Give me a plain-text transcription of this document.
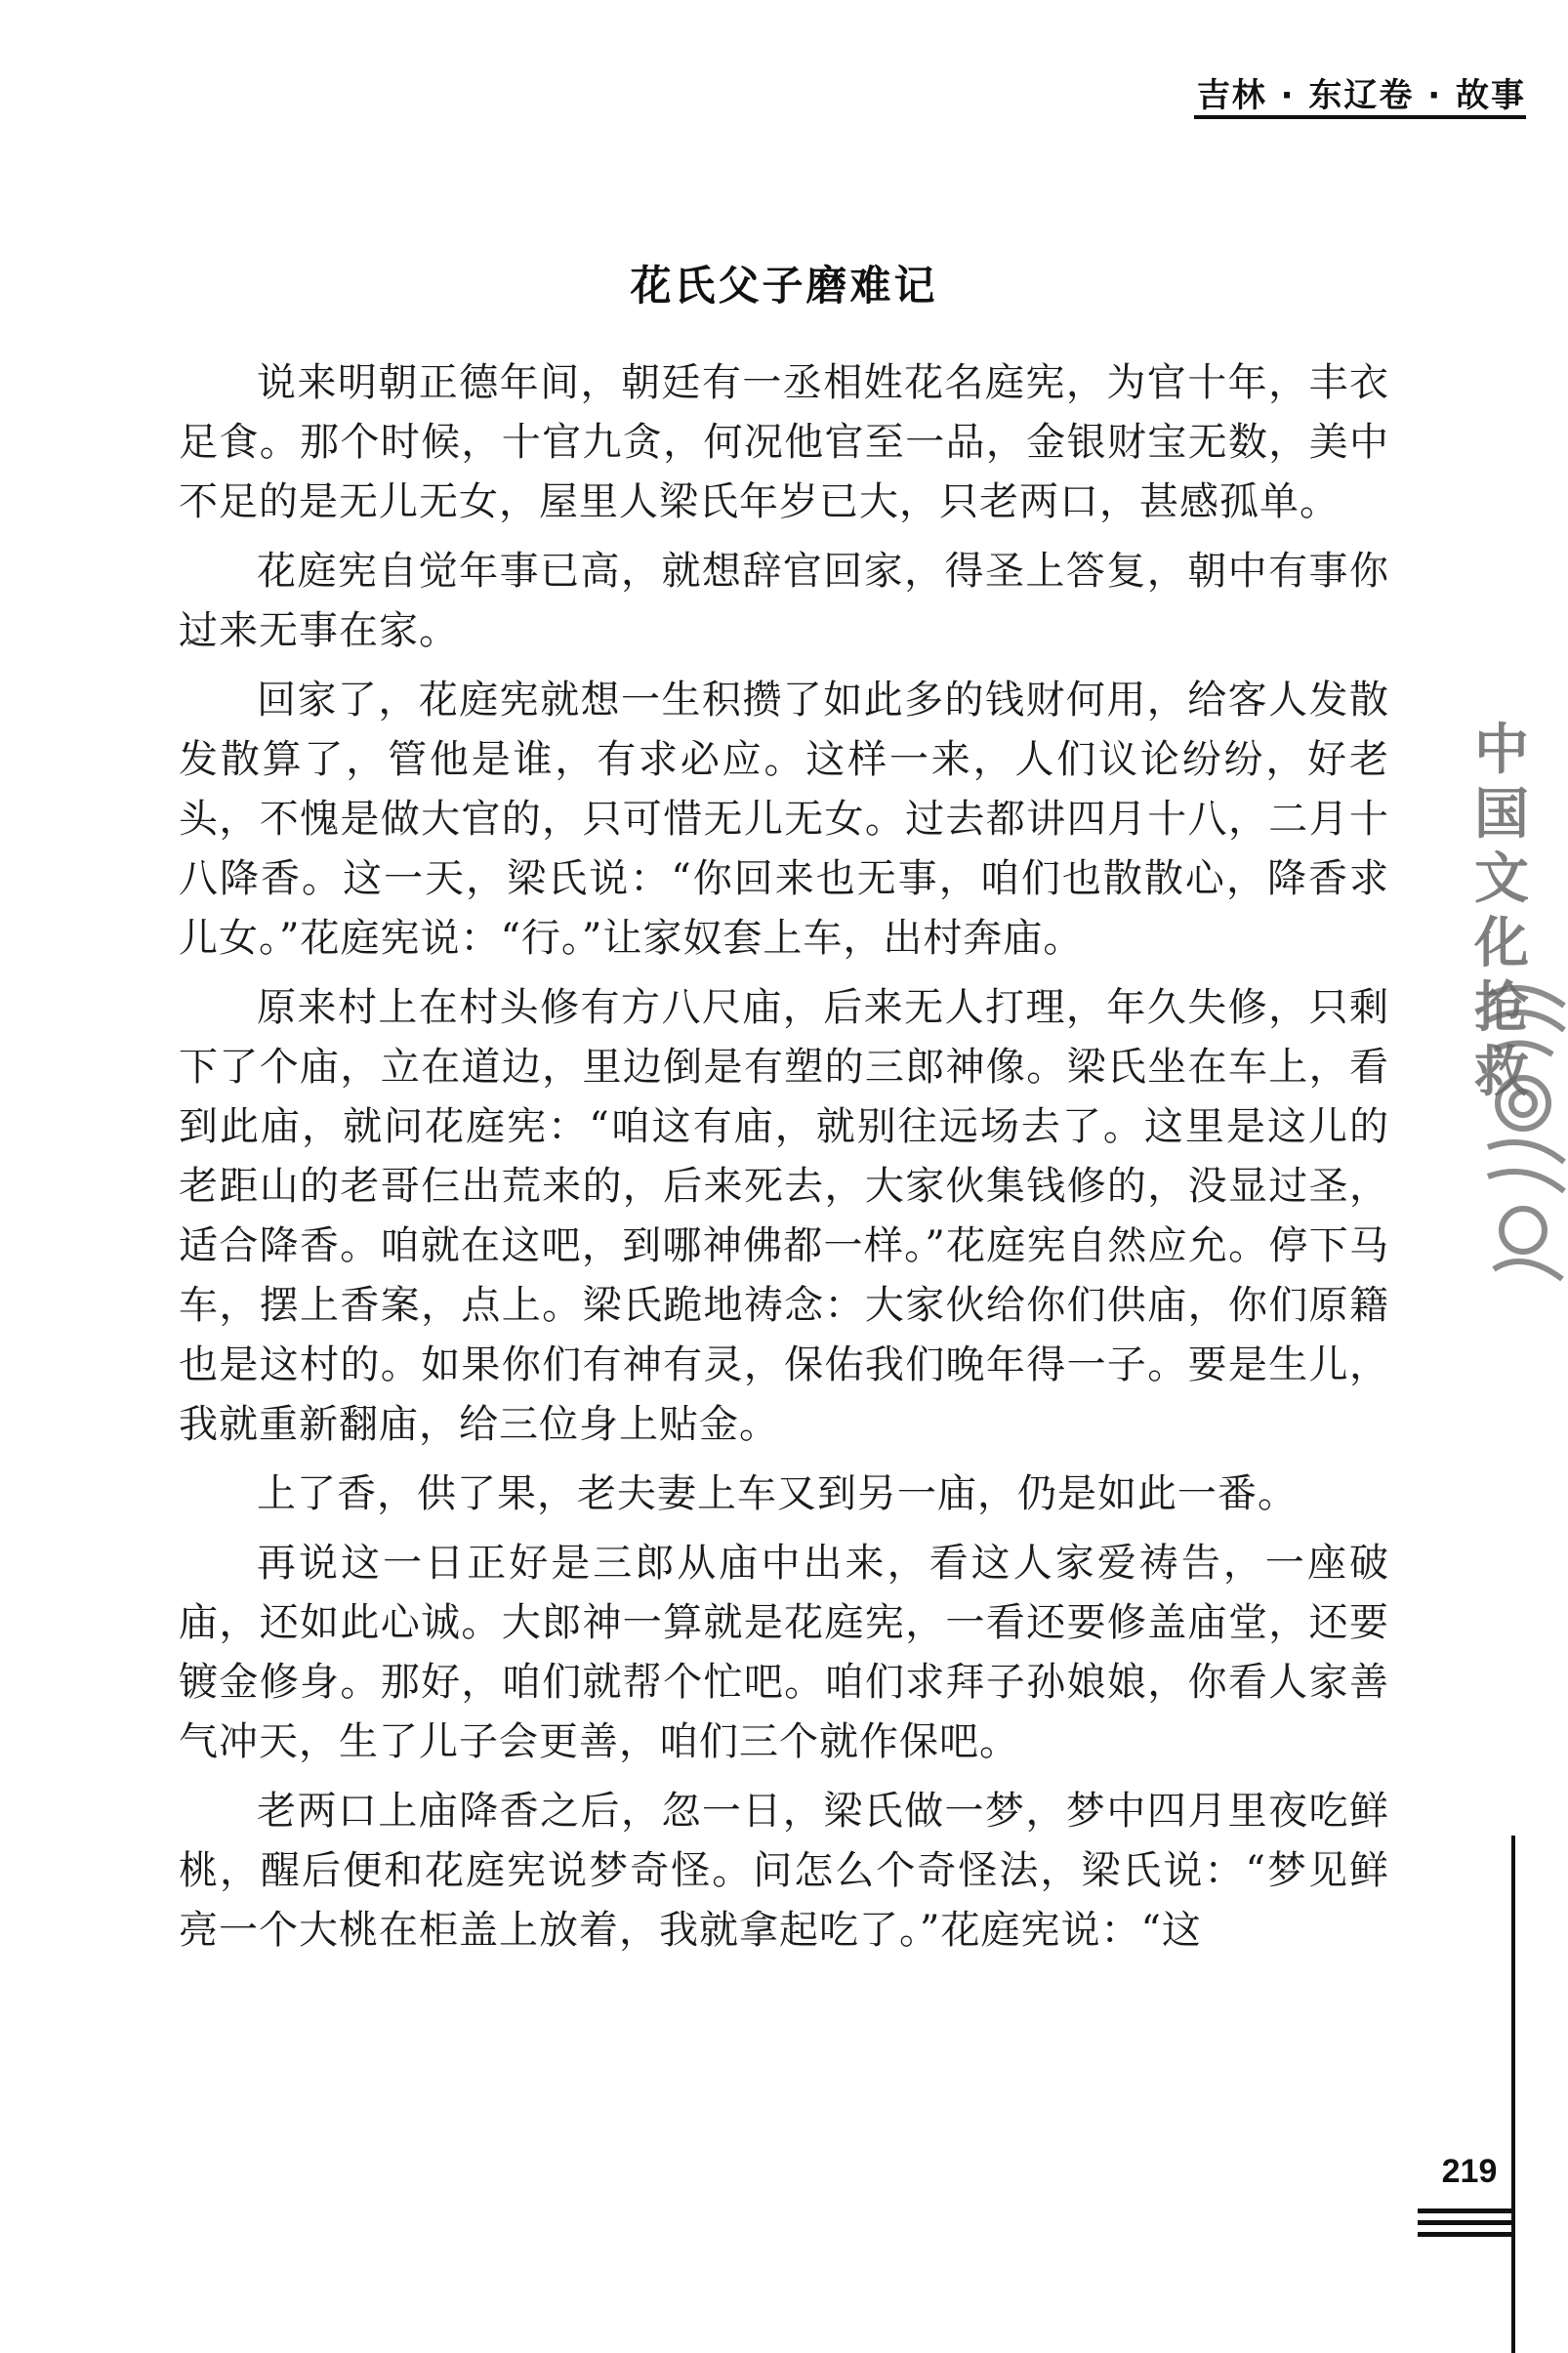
吉林 · 东辽卷 · 故事
花氏父子磨难记

说来明朝正德年间，朝廷有一丞相姓花名庭宪，为官十年，丰衣足食。那个时候，十官九贪，何况他官至一品，金银财宝无数，美中不足的是无儿无女，屋里人梁氏年岁已大，只老两口，甚感孤单。

花庭宪自觉年事已高，就想辞官回家，得圣上答复，朝中有事你过来无事在家。

回家了，花庭宪就想一生积攒了如此多的钱财何用，给客人发散发散算了，管他是谁，有求必应。这样一来，人们议论纷纷，好老头，不愧是做大官的，只可惜无儿无女。过去都讲四月十八，二月十八降香。这一天，梁氏说：“你回来也无事，咱们也散散心，降香求儿女。”花庭宪说：“行。”让家奴套上车，出村奔庙。

原来村上在村头修有方八尺庙，后来无人打理，年久失修，只剩下了个庙，立在道边，里边倒是有塑的三郎神像。梁氏坐在车上，看到此庙，就问花庭宪：“咱这有庙，就别往远场去了。这里是这儿的老距山的老哥仨出荒来的，后来死去，大家伙集钱修的，没显过圣，适合降香。咱就在这吧，到哪神佛都一样。”花庭宪自然应允。停下马车，摆上香案，点上。梁氏跪地祷念：大家伙给你们供庙，你们原籍也是这村的。如果你们有神有灵，保佑我们晚年得一子。要是生儿，我就重新翻庙，给三位身上贴金。

上了香，供了果，老夫妻上车又到另一庙，仍是如此一番。

再说这一日正好是三郎从庙中出来，看这人家爱祷告，一座破庙，还如此心诚。大郎神一算就是花庭宪，一看还要修盖庙堂，还要镀金修身。那好，咱们就帮个忙吧。咱们求拜子孙娘娘，你看人家善气冲天，生了儿子会更善，咱们三个就作保吧。

老两口上庙降香之后，忽一日，梁氏做一梦，梦中四月里夜吃鲜桃，醒后便和花庭宪说梦奇怪。问怎么个奇怪法，梁氏说：“梦见鲜亮一个大桃在柜盖上放着，我就拿起吃了。”花庭宪说：“这

中
国
文
化
抢
救
219
